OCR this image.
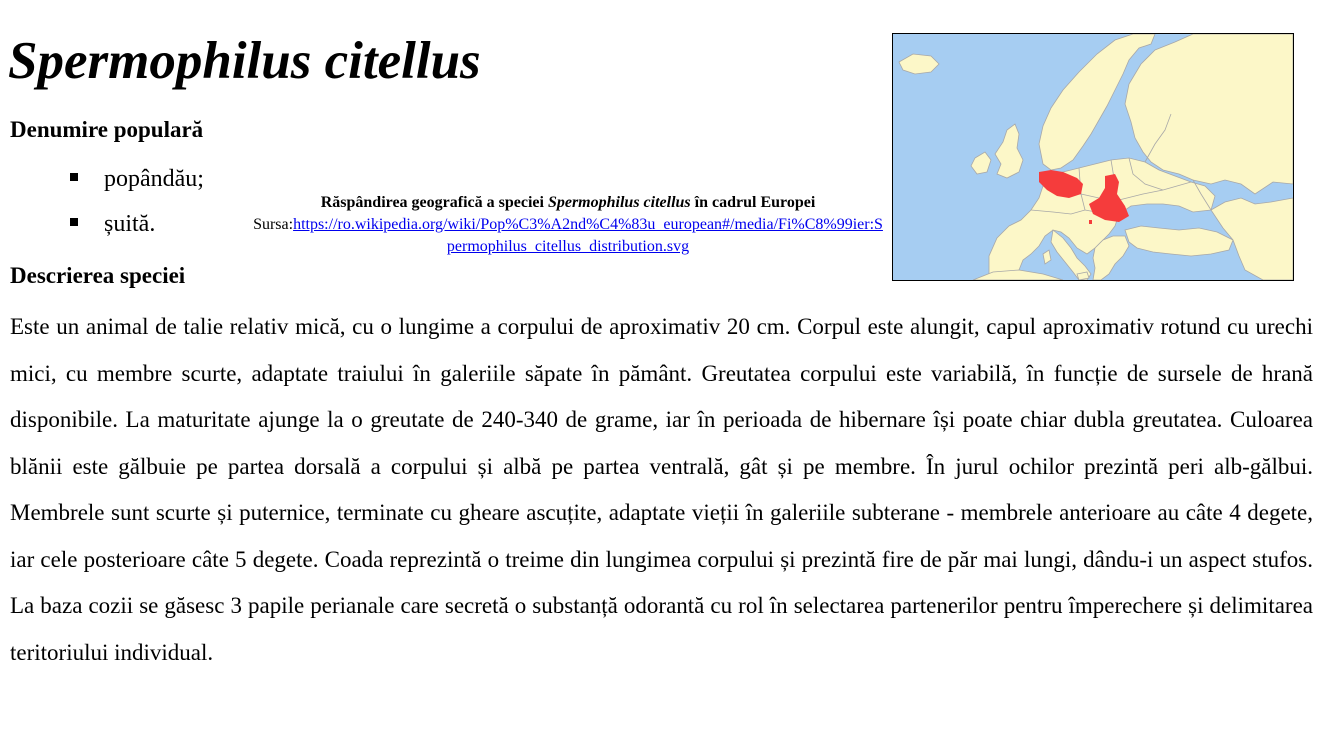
Spermophilus citellus
Denumire populară
popândău;
șuită.
Răspândirea geografică a speciei Spermophilus citellus în cadrul Europei
Sursa:https://ro.wikipedia.org/wiki/Pop%C3%A2nd%C4%83u_european#/media/Fi%C8%99ier:Spermophilus_citellus_distribution.svg
Descrierea speciei

Este un animal de talie relativ mică, cu o lungime a corpului de aproximativ 20 cm. Corpul este alungit, capul aproximativ rotund cu urechi mici, cu membre scurte, adaptate traiului în galeriile săpate în pământ. Greutatea corpului este variabilă, în funcție de sursele de hrană disponibile. La maturitate ajunge la o greutate de 240-340 de grame, iar în perioada de hibernare își poate chiar dubla greutatea. Culoarea blănii este gălbuie pe partea dorsală a corpului și albă pe partea ventrală, gât și pe membre. În jurul ochilor prezintă peri alb-gălbui. Membrele sunt scurte și puternice, terminate cu gheare ascuțite, adaptate vieții în galeriile subterane - membrele anterioare au câte 4 degete, iar cele posterioare câte 5 degete. Coada reprezintă o treime din lungimea corpului și prezintă fire de păr mai lungi, dându-i un aspect stufos. La baza cozii se găsesc 3 papile perianale care secretă o substanță odorantă cu rol în selectarea partenerilor pentru împerechere și delimitarea teritoriului individual.
